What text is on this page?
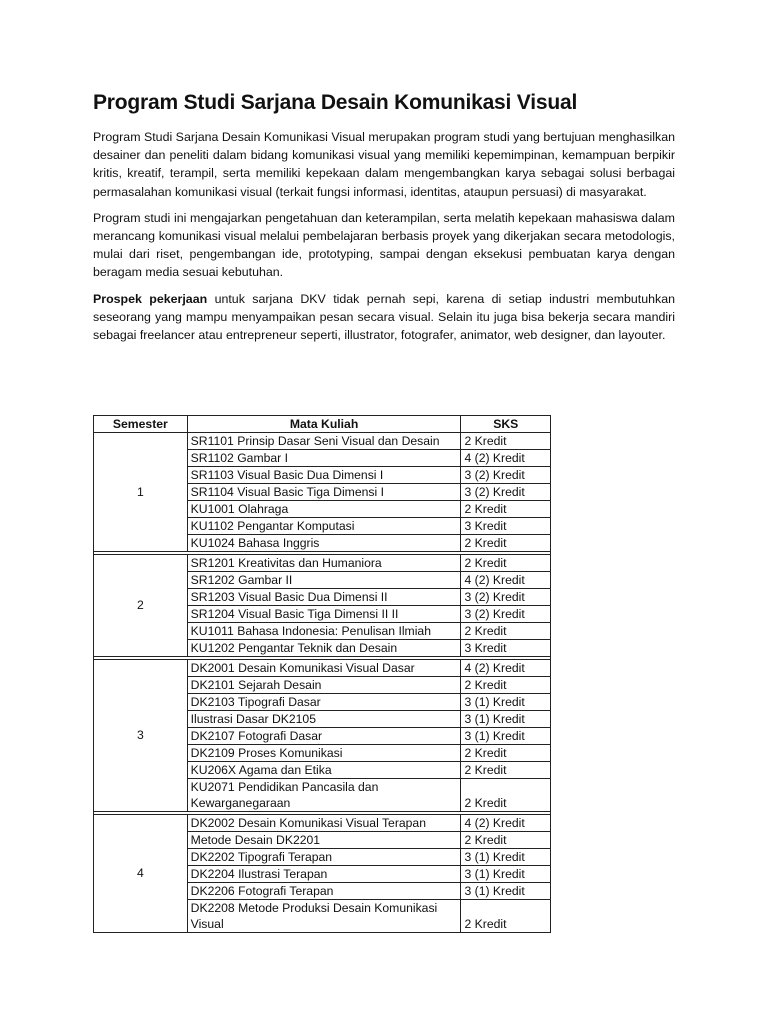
Program Studi Sarjana Desain Komunikasi Visual

Program Studi Sarjana Desain Komunikasi Visual merupakan program studi yang bertujuan menghasilkan desainer dan peneliti dalam bidang komunikasi visual yang memiliki kepemimpinan, kemampuan berpikir kritis, kreatif, terampil, serta memiliki kepekaan dalam mengembangkan karya sebagai solusi berbagai permasalahan komunikasi visual (terkait fungsi informasi, identitas, ataupun persuasi) di masyarakat.

Program studi ini mengajarkan pengetahuan dan keterampilan, serta melatih kepekaan mahasiswa dalam merancang komunikasi visual melalui pembelajaran berbasis proyek yang dikerjakan secara metodologis, mulai dari riset, pengembangan ide, prototyping, sampai dengan eksekusi pembuatan karya dengan beragam media sesuai kebutuhan.

Prospek pekerjaan untuk sarjana DKV tidak pernah sepi, karena di setiap industri membutuhkan seseorang yang mampu menyampaikan pesan secara visual. Selain itu juga bisa bekerja secara mandiri sebagai freelancer atau entrepreneur seperti, illustrator, fotografer, animator, web designer, dan layouter.

Semester	Mata Kuliah	SKS
1	SR1101 Prinsip Dasar Seni Visual dan Desain	2 Kredit
	SR1102 Gambar I	4 (2) Kredit
	SR1103 Visual Basic Dua Dimensi I	3 (2) Kredit
	SR1104 Visual Basic Tiga Dimensi I	3 (2) Kredit
	KU1001 Olahraga	2 Kredit
	KU1102 Pengantar Komputasi	3 Kredit
	KU1024 Bahasa Inggris	2 Kredit

2	SR1201 Kreativitas dan Humaniora	2 Kredit
	SR1202 Gambar II	4 (2) Kredit
	SR1203 Visual Basic Dua Dimensi II	3 (2) Kredit
	SR1204 Visual Basic Tiga Dimensi II II	3 (2) Kredit
	KU1011 Bahasa Indonesia: Penulisan Ilmiah	2 Kredit
	KU1202 Pengantar Teknik dan Desain	3 Kredit

3	DK2001 Desain Komunikasi Visual Dasar	4 (2) Kredit
	DK2101 Sejarah Desain	2 Kredit
	DK2103 Tipografi Dasar	3 (1) Kredit
	Ilustrasi Dasar DK2105	3 (1) Kredit
	DK2107 Fotografi Dasar	3 (1) Kredit
	DK2109 Proses Komunikasi	2 Kredit
	KU206X Agama dan Etika	2 Kredit
	KU2071 Pendidikan Pancasila dan Kewarganegaraan	2 Kredit

4	DK2002 Desain Komunikasi Visual Terapan	4 (2) Kredit
	Metode Desain DK2201	2 Kredit
	DK2202 Tipografi Terapan	3 (1) Kredit
	DK2204 Ilustrasi Terapan	3 (1) Kredit
	DK2206 Fotografi Terapan	3 (1) Kredit
	DK2208 Metode Produksi Desain Komunikasi Visual	2 Kredit
